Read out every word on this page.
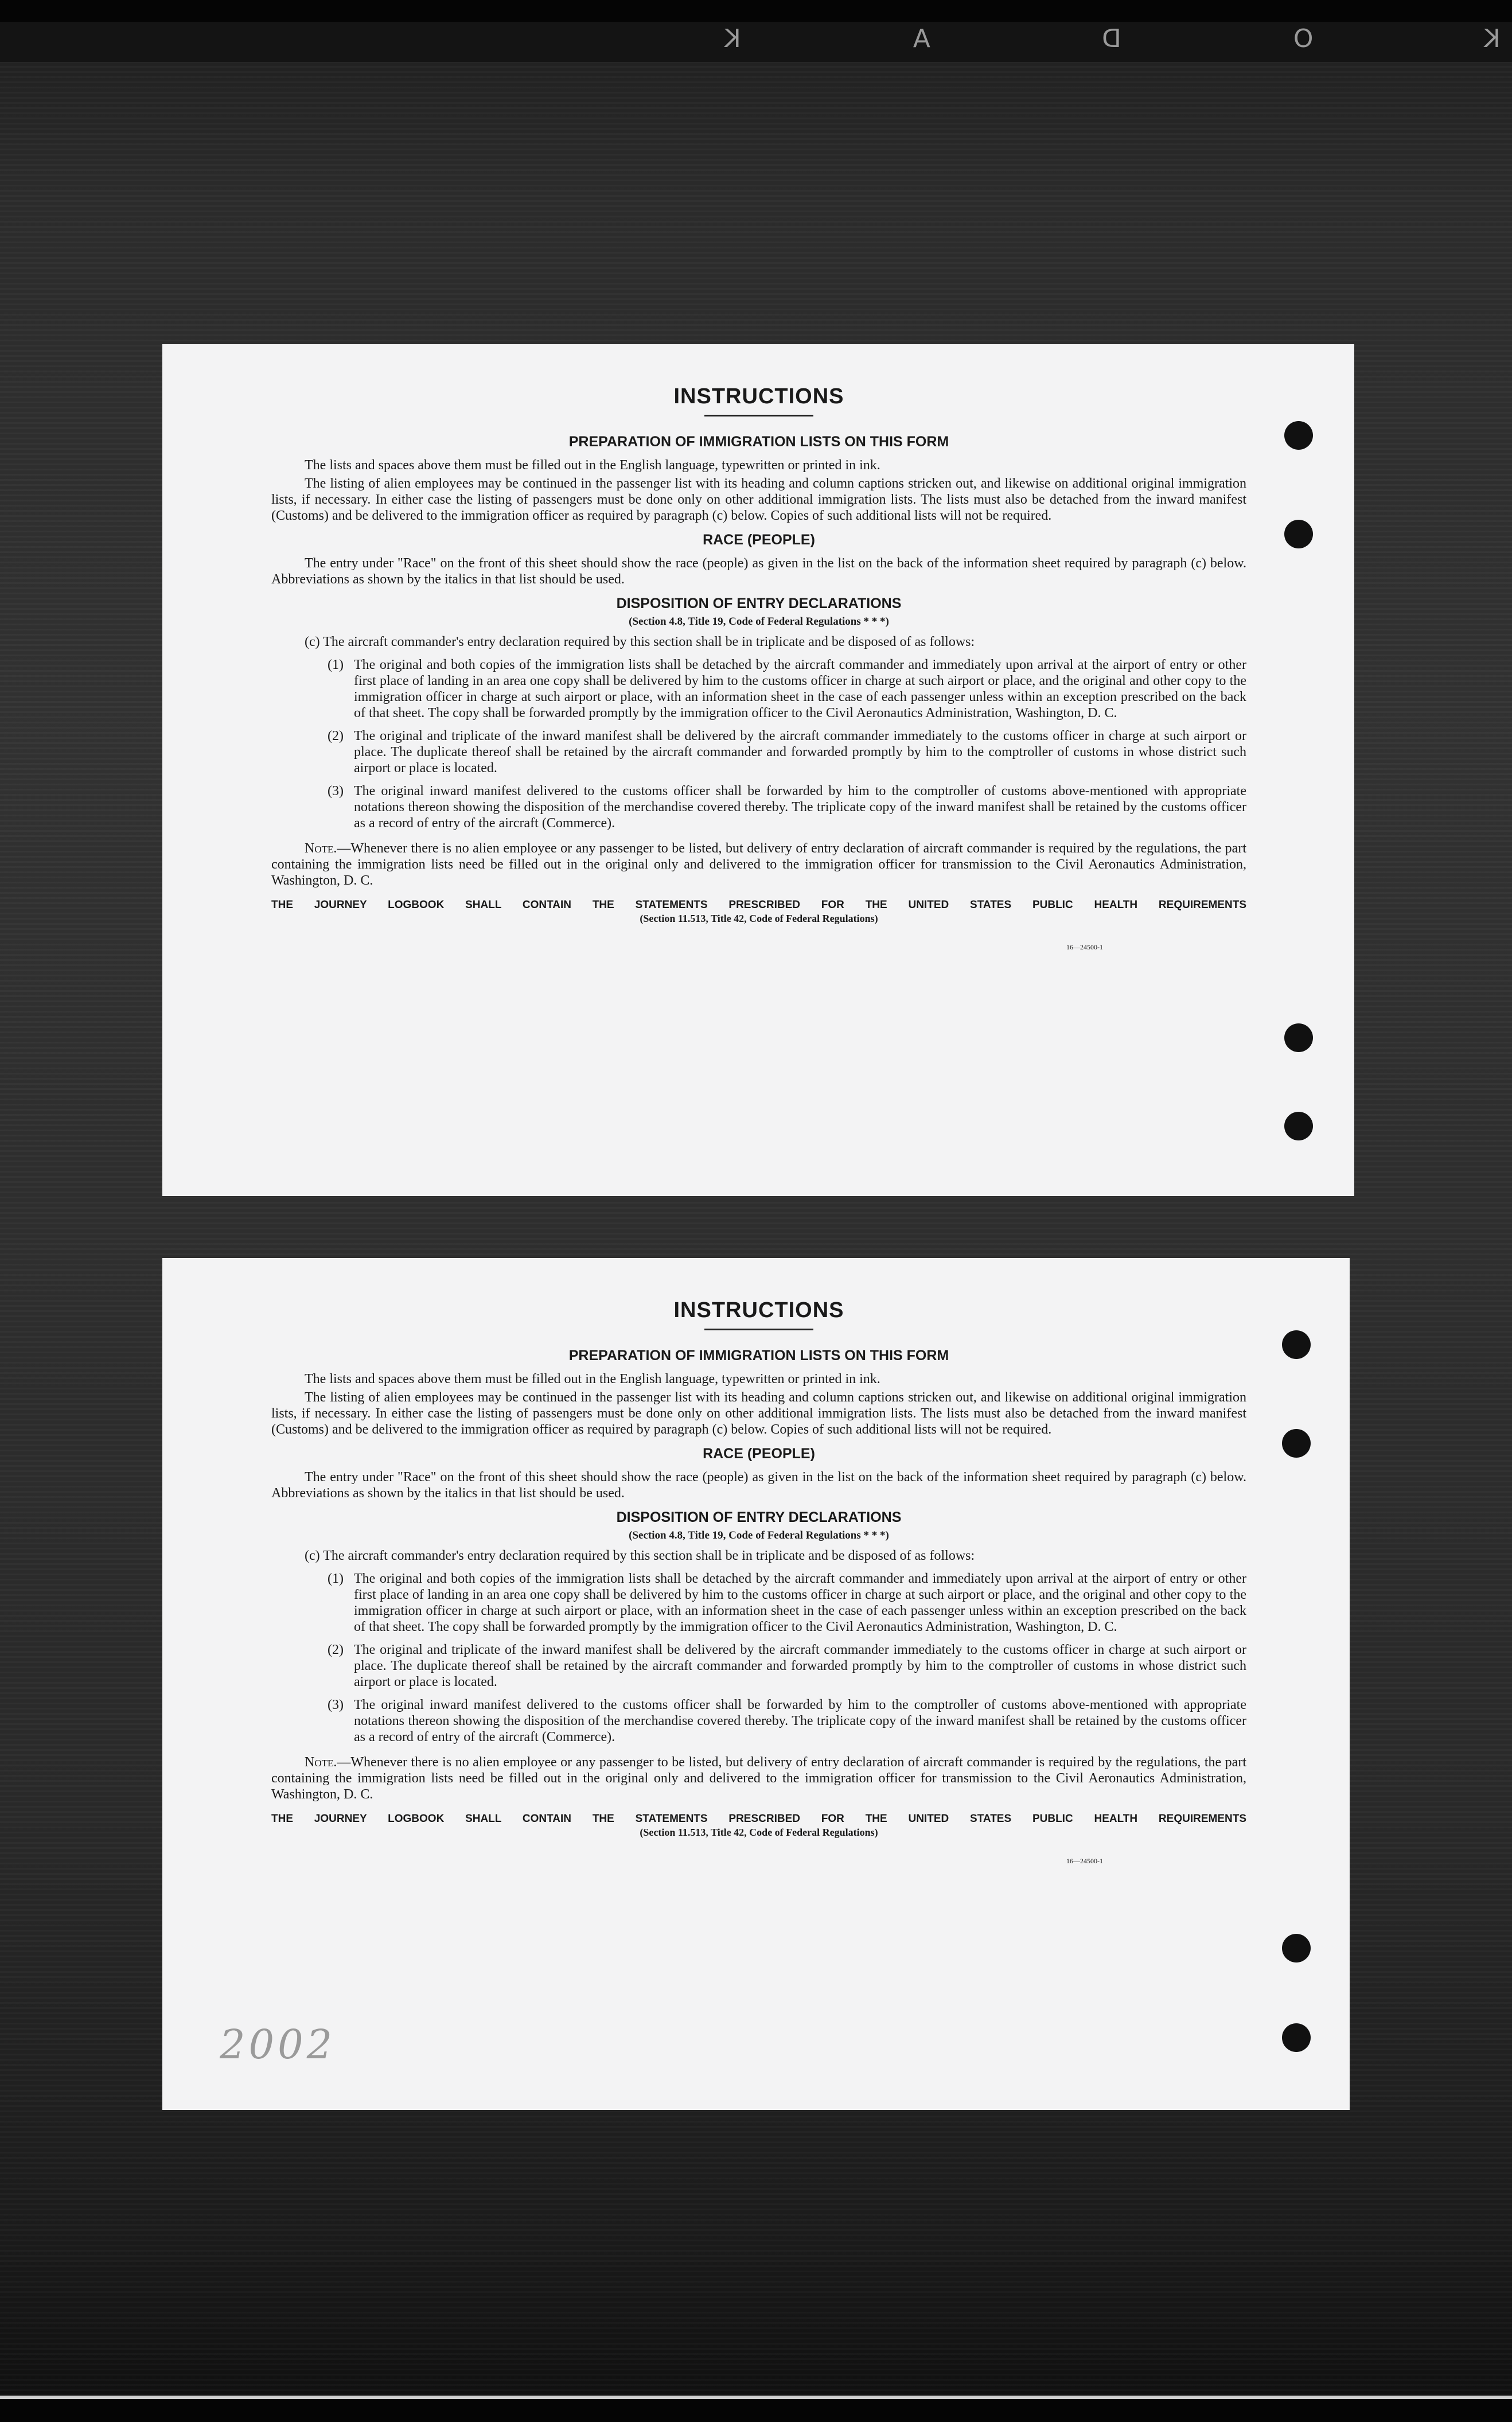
KODAK
INSTRUCTIONS
PREPARATION OF IMMIGRATION LISTS ON THIS FORM

The lists and spaces above them must be filled out in the English language, typewritten or printed in ink.

The listing of alien employees may be continued in the passenger list with its heading and column captions stricken out, and likewise on additional original immigration lists, if necessary. In either case the listing of passengers must be done only on other additional immigration lists. The lists must also be detached from the inward manifest (Customs) and be delivered to the immigration officer as required by paragraph (c) below. Copies of such additional lists will not be required.

RACE (PEOPLE)

The entry under "Race" on the front of this sheet should show the race (people) as given in the list on the back of the information sheet required by paragraph (c) below. Abbreviations as shown by the italics in that list should be used.

DISPOSITION OF ENTRY DECLARATIONS
(Section 4.8, Title 19, Code of Federal Regulations * * *)

(c) The aircraft commander's entry declaration required by this section shall be in triplicate and be disposed of as follows:

(1) The original and both copies of the immigration lists shall be detached by the aircraft commander and immediately upon arrival at the airport of entry or other first place of landing in an area one copy shall be delivered by him to the customs officer in charge at such airport or place, and the original and other copy to the immigration officer in charge at such airport or place, with an information sheet in the case of each passenger unless within an exception prescribed on the back of that sheet. The copy shall be forwarded promptly by the immigration officer to the Civil Aeronautics Administration, Washington, D. C.
(2) The original and triplicate of the inward manifest shall be delivered by the aircraft commander immediately to the customs officer in charge at such airport or place. The duplicate thereof shall be retained by the aircraft commander and forwarded promptly by him to the comptroller of customs in whose district such airport or place is located.
(3) The original inward manifest delivered to the customs officer shall be forwarded by him to the comptroller of customs above-mentioned with appropriate notations thereon showing the disposition of the merchandise covered thereby. The triplicate copy of the inward manifest shall be retained by the customs officer as a record of entry of the aircraft (Commerce).

Note.—Whenever there is no alien employee or any passenger to be listed, but delivery of entry declaration of aircraft commander is required by the regulations, the part containing the immigration lists need be filled out in the original only and delivered to the immigration officer for transmission to the Civil Aeronautics Administration, Washington, D. C.

THE JOURNEY LOGBOOK SHALL CONTAIN THE STATEMENTS PRESCRIBED FOR THE UNITED STATES PUBLIC HEALTH REQUIREMENTS
(Section 11.513, Title 42, Code of Federal Regulations)
16—24500-1
INSTRUCTIONS
PREPARATION OF IMMIGRATION LISTS ON THIS FORM

The lists and spaces above them must be filled out in the English language, typewritten or printed in ink.

The listing of alien employees may be continued in the passenger list with its heading and column captions stricken out, and likewise on additional original immigration lists, if necessary. In either case the listing of passengers must be done only on other additional immigration lists. The lists must also be detached from the inward manifest (Customs) and be delivered to the immigration officer as required by paragraph (c) below. Copies of such additional lists will not be required.

RACE (PEOPLE)

The entry under "Race" on the front of this sheet should show the race (people) as given in the list on the back of the information sheet required by paragraph (c) below. Abbreviations as shown by the italics in that list should be used.

DISPOSITION OF ENTRY DECLARATIONS
(Section 4.8, Title 19, Code of Federal Regulations * * *)

(c) The aircraft commander's entry declaration required by this section shall be in triplicate and be disposed of as follows:

(1) The original and both copies of the immigration lists shall be detached by the aircraft commander and immediately upon arrival at the airport of entry or other first place of landing in an area one copy shall be delivered by him to the customs officer in charge at such airport or place, and the original and other copy to the immigration officer in charge at such airport or place, with an information sheet in the case of each passenger unless within an exception prescribed on the back of that sheet. The copy shall be forwarded promptly by the immigration officer to the Civil Aeronautics Administration, Washington, D. C.
(2) The original and triplicate of the inward manifest shall be delivered by the aircraft commander immediately to the customs officer in charge at such airport or place. The duplicate thereof shall be retained by the aircraft commander and forwarded promptly by him to the comptroller of customs in whose district such airport or place is located.
(3) The original inward manifest delivered to the customs officer shall be forwarded by him to the comptroller of customs above-mentioned with appropriate notations thereon showing the disposition of the merchandise covered thereby. The triplicate copy of the inward manifest shall be retained by the customs officer as a record of entry of the aircraft (Commerce).

Note.—Whenever there is no alien employee or any passenger to be listed, but delivery of entry declaration of aircraft commander is required by the regulations, the part containing the immigration lists need be filled out in the original only and delivered to the immigration officer for transmission to the Civil Aeronautics Administration, Washington, D. C.

THE JOURNEY LOGBOOK SHALL CONTAIN THE STATEMENTS PRESCRIBED FOR THE UNITED STATES PUBLIC HEALTH REQUIREMENTS
(Section 11.513, Title 42, Code of Federal Regulations)
16—24500-1
2002
